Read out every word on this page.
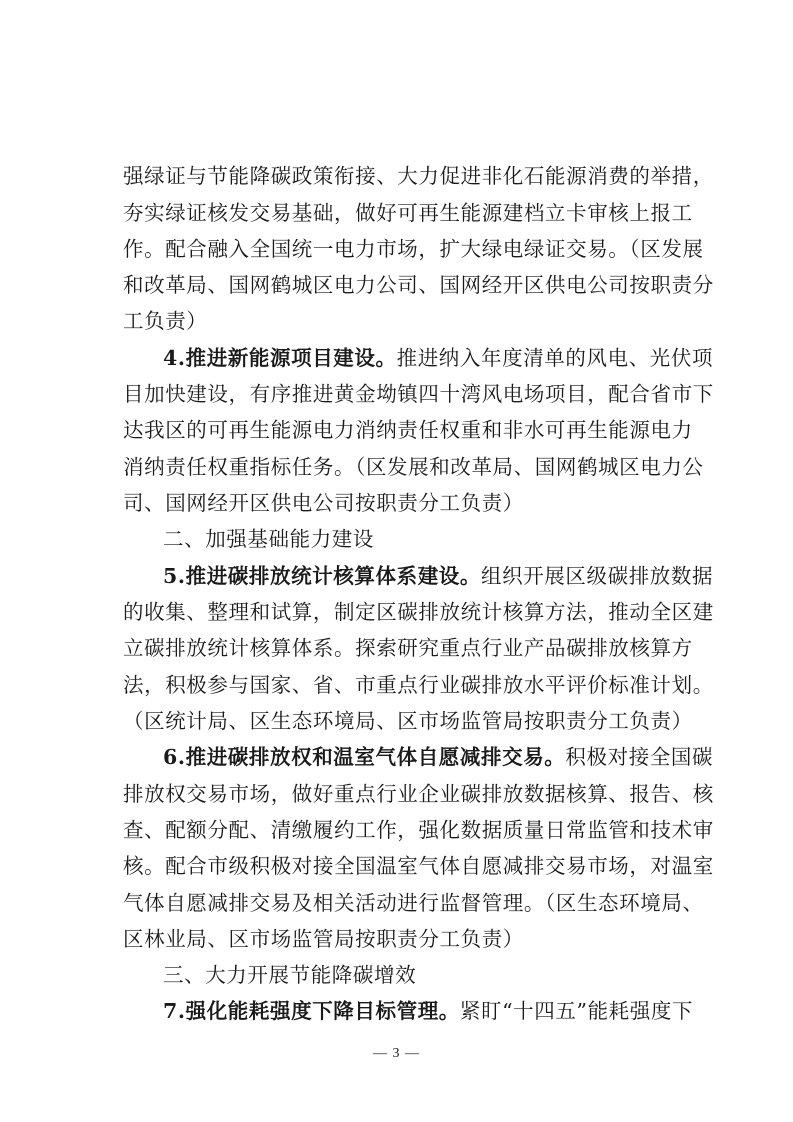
强绿证与节能降碳政策衔接、大力促进非化石能源消费的举措，
夯实绿证核发交易基础，做好可再生能源建档立卡审核上报工
作。配合融入全国统一电力市场，扩大绿电绿证交易。（区发展
和改革局、国网鹤城区电力公司、国网经开区供电公司按职责分
工负责）
4.推进新能源项目建设。推进纳入年度清单的风电、光伏项
目加快建设，有序推进黄金坳镇四十湾风电场项目，配合省市下
达我区的可再生能源电力消纳责任权重和非水可再生能源电力
消纳责任权重指标任务。（区发展和改革局、国网鹤城区电力公
司、国网经开区供电公司按职责分工负责）
二、加强基础能力建设
5.推进碳排放统计核算体系建设。组织开展区级碳排放数据
的收集、整理和试算，制定区碳排放统计核算方法，推动全区建
立碳排放统计核算体系。探索研究重点行业产品碳排放核算方
法，积极参与国家、省、市重点行业碳排放水平评价标准计划。
（区统计局、区生态环境局、区市场监管局按职责分工负责）
6.推进碳排放权和温室气体自愿减排交易。积极对接全国碳
排放权交易市场，做好重点行业企业碳排放数据核算、报告、核
查、配额分配、清缴履约工作，强化数据质量日常监管和技术审
核。配合市级积极对接全国温室气体自愿减排交易市场，对温室
气体自愿减排交易及相关活动进行监督管理。（区生态环境局、
区林业局、区市场监管局按职责分工负责）
三、大力开展节能降碳增效
— 3 —
7.强化能耗强度下降目标管理。紧盯“十四五”能耗强度下
